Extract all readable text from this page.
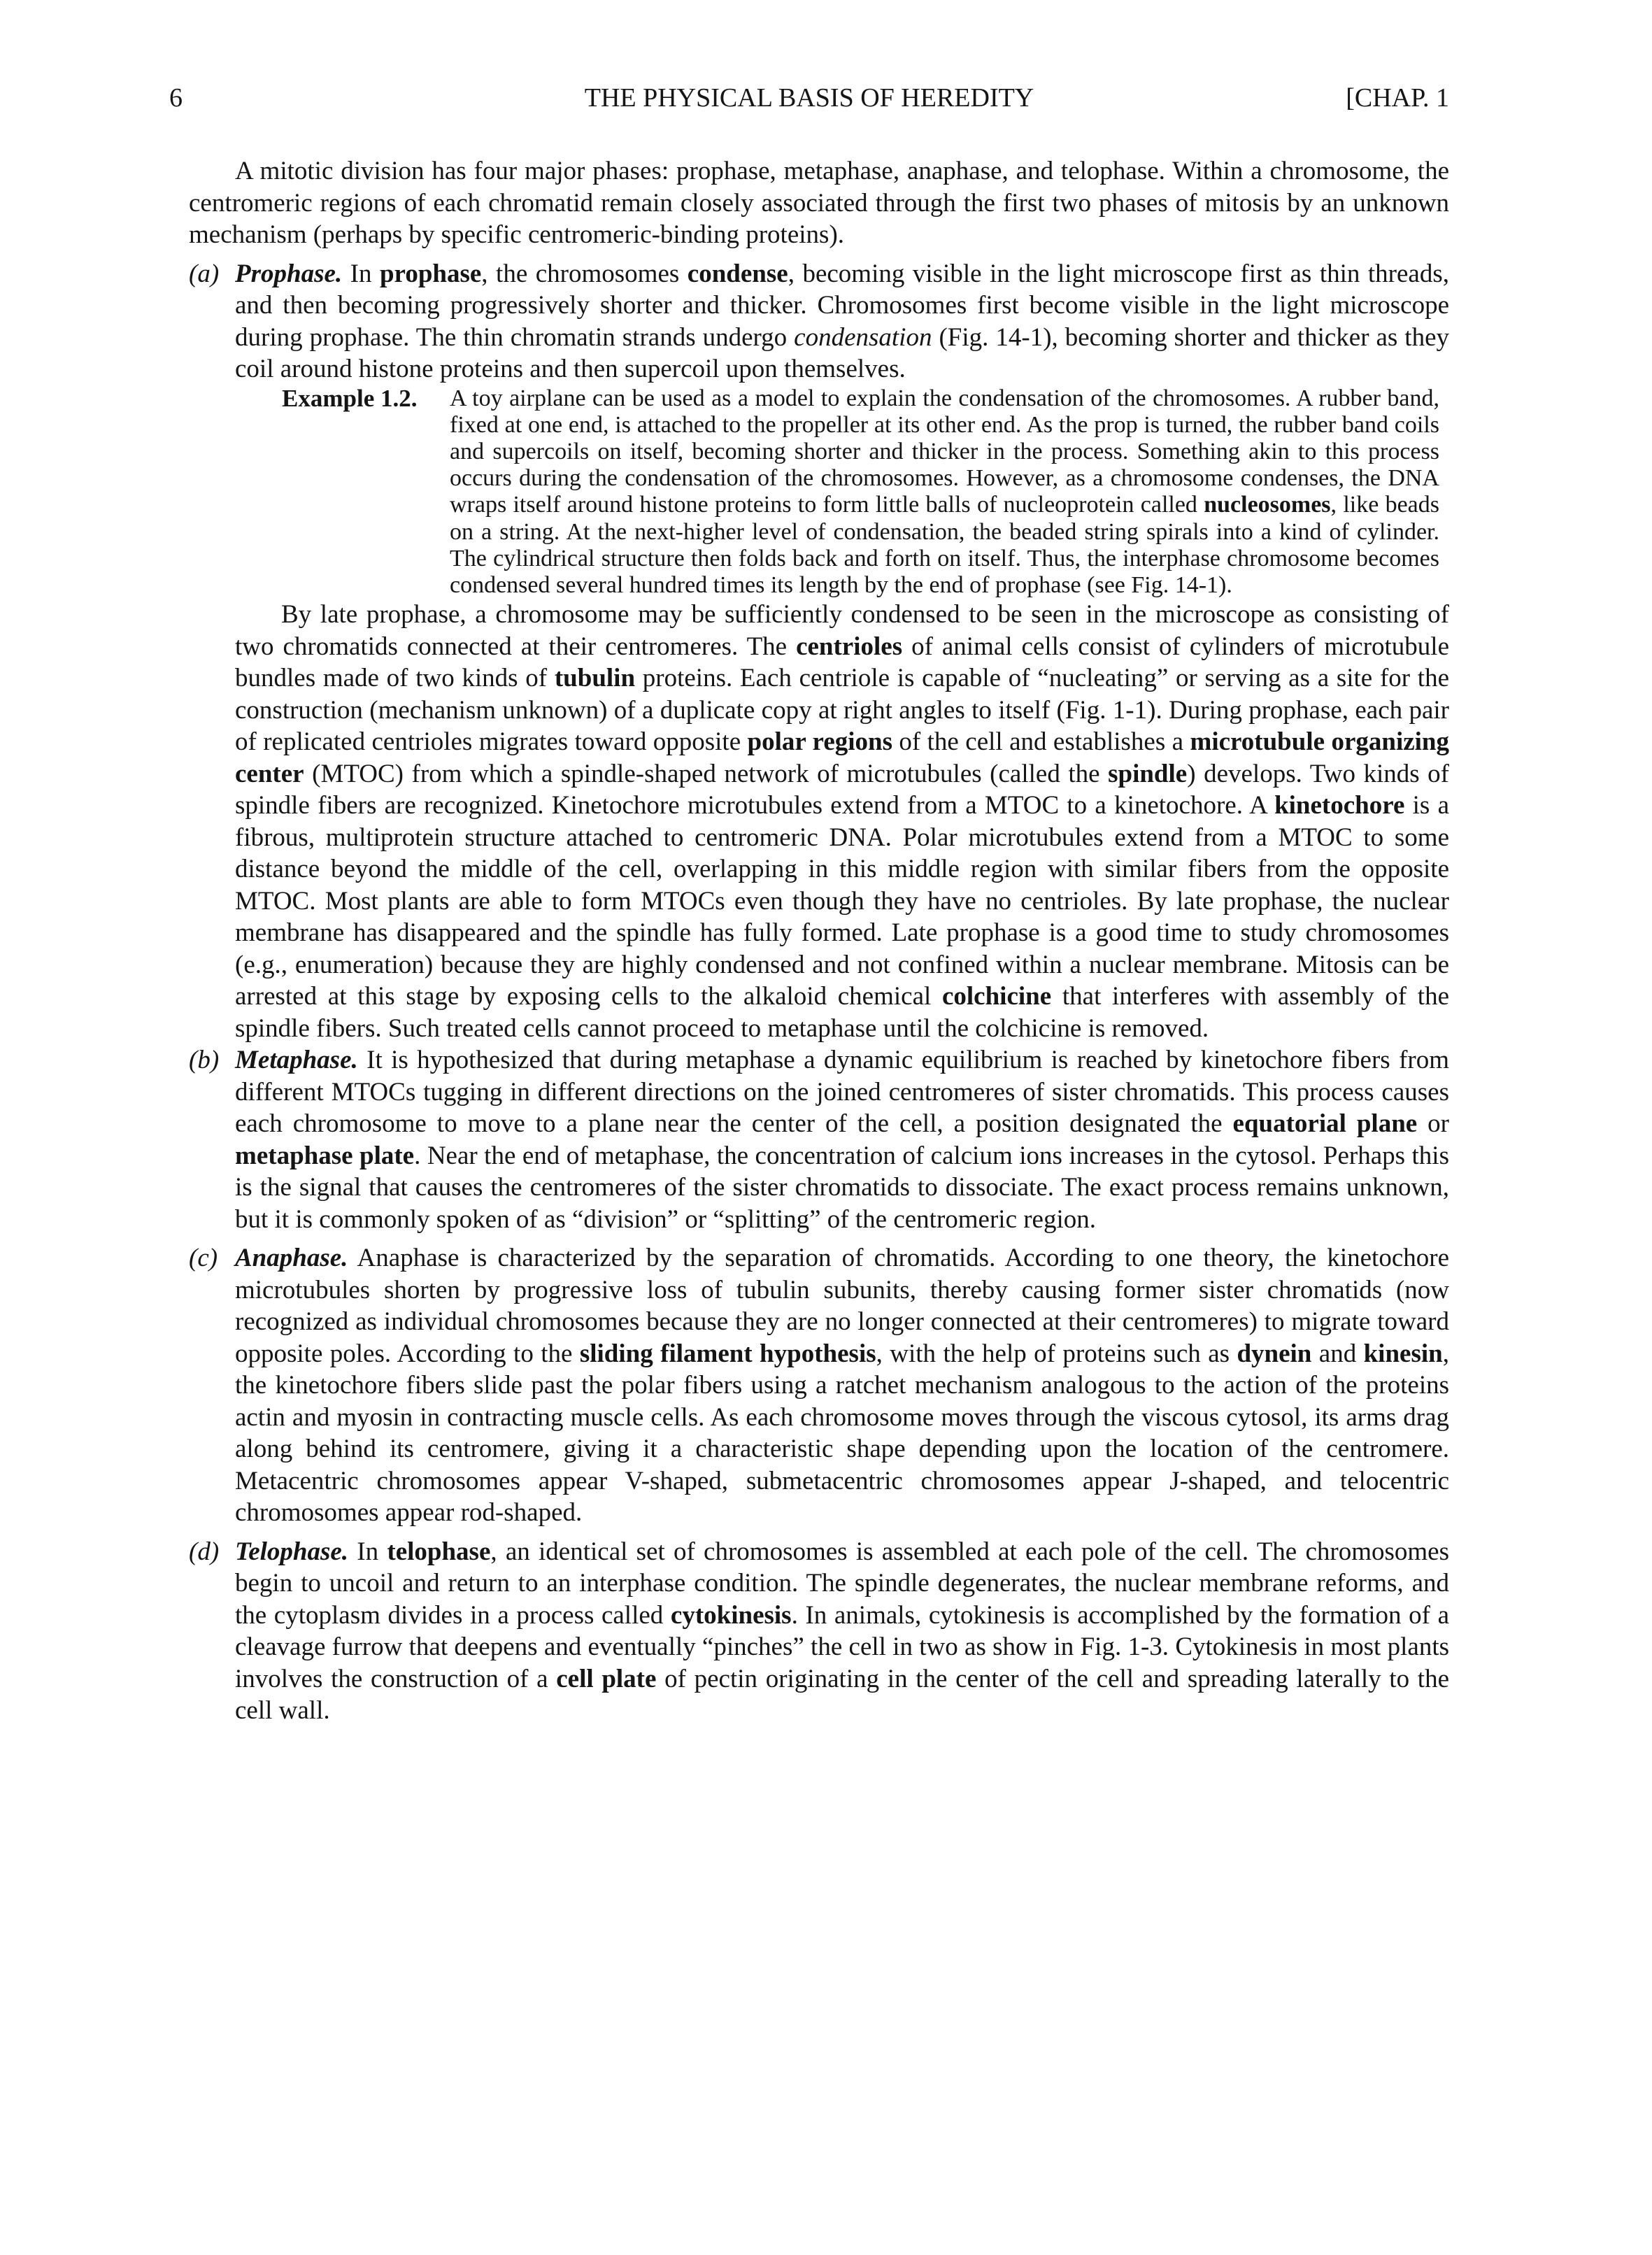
6	THE PHYSICAL BASIS OF HEREDITY	[CHAP. 1

A mitotic division has four major phases: prophase, metaphase, anaphase, and telophase. Within a chromosome, the centromeric regions of each chromatid remain closely associated through the first two phases of mitosis by an unknown mechanism (perhaps by specific centromeric-binding proteins).

(a) Prophase. In prophase, the chromosomes condense, becoming visible in the light microscope first as thin threads, and then becoming progressively shorter and thicker. Chromosomes first become visible in the light microscope during prophase. The thin chromatin strands undergo condensation (Fig. 14-1), becoming shorter and thicker as they coil around histone proteins and then supercoil upon themselves.

Example 1.2. A toy airplane can be used as a model to explain the condensation of the chromosomes. A rubber band, fixed at one end, is attached to the propeller at its other end. As the prop is turned, the rubber band coils and supercoils on itself, becoming shorter and thicker in the process. Something akin to this process occurs during the condensation of the chromosomes. However, as a chromosome condenses, the DNA wraps itself around histone proteins to form little balls of nucleoprotein called nucleosomes, like beads on a string. At the next-higher level of condensation, the beaded string spirals into a kind of cylinder. The cylindrical structure then folds back and forth on itself. Thus, the interphase chromosome becomes condensed several hundred times its length by the end of prophase (see Fig. 14-1).

By late prophase, a chromosome may be sufficiently condensed to be seen in the microscope as consisting of two chromatids connected at their centromeres. The centrioles of animal cells consist of cylinders of microtubule bundles made of two kinds of tubulin proteins. Each centriole is capable of “nucleating” or serving as a site for the construction (mechanism unknown) of a duplicate copy at right angles to itself (Fig. 1-1). During prophase, each pair of replicated centrioles migrates toward opposite polar regions of the cell and establishes a microtubule organizing center (MTOC) from which a spindle-shaped network of microtubules (called the spindle) develops. Two kinds of spindle fibers are recognized. Kinetochore microtubules extend from a MTOC to a kinetochore. A kinetochore is a fibrous, multiprotein structure attached to centromeric DNA. Polar microtubules extend from a MTOC to some distance beyond the middle of the cell, overlapping in this middle region with similar fibers from the opposite MTOC. Most plants are able to form MTOCs even though they have no centrioles. By late prophase, the nuclear membrane has disappeared and the spindle has fully formed. Late prophase is a good time to study chromosomes (e.g., enumeration) because they are highly condensed and not confined within a nuclear membrane. Mitosis can be arrested at this stage by exposing cells to the alkaloid chemical colchicine that interferes with assembly of the spindle fibers. Such treated cells cannot proceed to metaphase until the colchicine is removed.

(b) Metaphase. It is hypothesized that during metaphase a dynamic equilibrium is reached by kinetochore fibers from different MTOCs tugging in different directions on the joined centromeres of sister chromatids. This process causes each chromosome to move to a plane near the center of the cell, a position designated the equatorial plane or metaphase plate. Near the end of metaphase, the concentration of calcium ions increases in the cytosol. Perhaps this is the signal that causes the centromeres of the sister chromatids to dissociate. The exact process remains unknown, but it is commonly spoken of as “division” or “splitting” of the centromeric region.

(c) Anaphase. Anaphase is characterized by the separation of chromatids. According to one theory, the kinetochore microtubules shorten by progressive loss of tubulin subunits, thereby causing former sister chromatids (now recognized as individual chromosomes because they are no longer connected at their centromeres) to migrate toward opposite poles. According to the sliding filament hypothesis, with the help of proteins such as dynein and kinesin, the kinetochore fibers slide past the polar fibers using a ratchet mechanism analogous to the action of the proteins actin and myosin in contracting muscle cells. As each chromosome moves through the viscous cytosol, its arms drag along behind its centromere, giving it a characteristic shape depending upon the location of the centromere. Metacentric chromosomes appear V-shaped, submetacentric chromosomes appear J-shaped, and telocentric chromosomes appear rod-shaped.

(d) Telophase. In telophase, an identical set of chromosomes is assembled at each pole of the cell. The chromosomes begin to uncoil and return to an interphase condition. The spindle degenerates, the nuclear membrane reforms, and the cytoplasm divides in a process called cytokinesis. In animals, cytokinesis is accomplished by the formation of a cleavage furrow that deepens and eventually “pinches” the cell in two as show in Fig. 1-3. Cytokinesis in most plants involves the construction of a cell plate of pectin originating in the center of the cell and spreading laterally to the cell wall.
